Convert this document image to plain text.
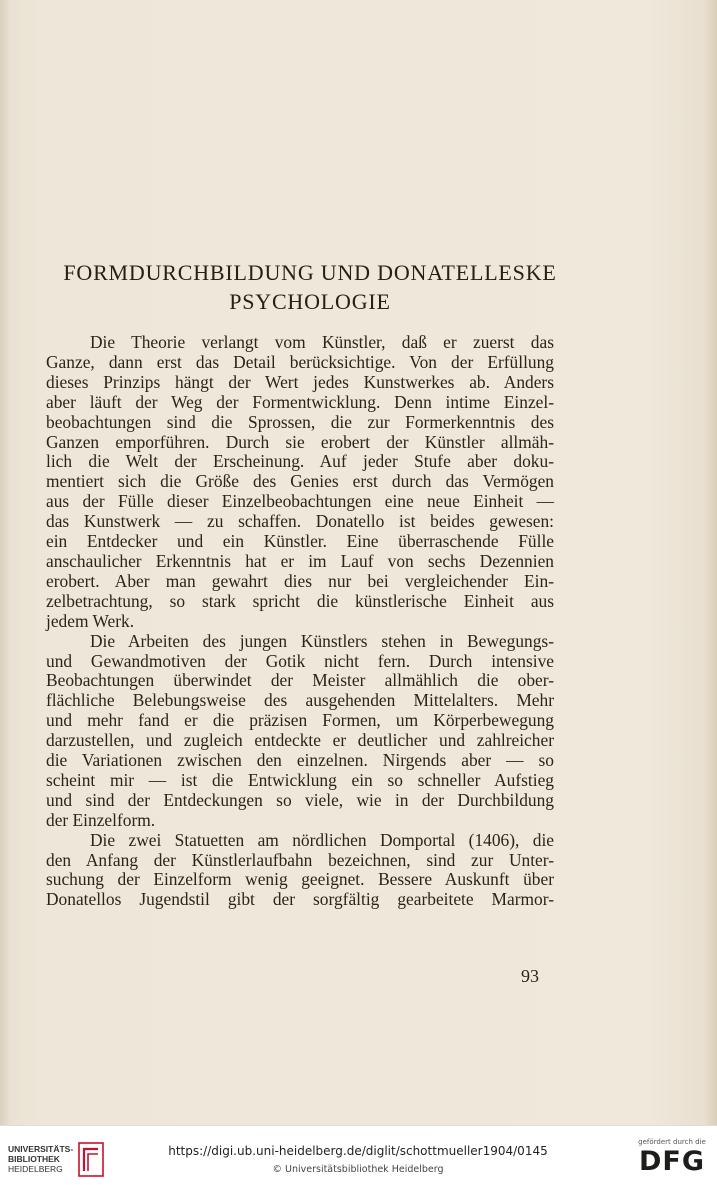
FORMDURCHBILDUNG UND DONATELLESKE
PSYCHOLOGIE
Die Theorie verlangt vom Künstler, daß er zuerst das
Ganze, dann erst das Detail berücksichtige. Von der Erfüllung
dieses Prinzips hängt der Wert jedes Kunstwerkes ab. Anders
aber läuft der Weg der Formentwicklung. Denn intime Einzel-
beobachtungen sind die Sprossen, die zur Formerkenntnis des
Ganzen emporführen. Durch sie erobert der Künstler allmäh-
lich die Welt der Erscheinung. Auf jeder Stufe aber doku-
mentiert sich die Größe des Genies erst durch das Vermögen
aus der Fülle dieser Einzelbeobachtungen eine neue Einheit —
das Kunstwerk — zu schaffen. Donatello ist beides gewesen:
ein Entdecker und ein Künstler. Eine überraschende Fülle
anschaulicher Erkenntnis hat er im Lauf von sechs Dezennien
erobert. Aber man gewahrt dies nur bei vergleichender Ein-
zelbetrachtung, so stark spricht die künstlerische Einheit aus
jedem Werk.
Die Arbeiten des jungen Künstlers stehen in Bewegungs-
und Gewandmotiven der Gotik nicht fern. Durch intensive
Beobachtungen überwindet der Meister allmählich die ober-
flächliche Belebungsweise des ausgehenden Mittelalters. Mehr
und mehr fand er die präzisen Formen, um Körperbewegung
darzustellen, und zugleich entdeckte er deutlicher und zahlreicher
die Variationen zwischen den einzelnen. Nirgends aber — so
scheint mir — ist die Entwicklung ein so schneller Aufstieg
und sind der Entdeckungen so viele, wie in der Durchbildung
der Einzelform.
Die zwei Statuetten am nördlichen Domportal (1406), die
den Anfang der Künstlerlaufbahn bezeichnen, sind zur Unter-
suchung der Einzelform wenig geeignet. Bessere Auskunft über
Donatellos Jugendstil gibt der sorgfältig gearbeitete Marmor-
93
UNIVERSITÄTS-
BIBLIOTHEK
HEIDELBERG
https://digi.ub.uni-heidelberg.de/diglit/schottmueller1904/0145
© Universitätsbibliothek Heidelberg
gefördert durch die
DFG
